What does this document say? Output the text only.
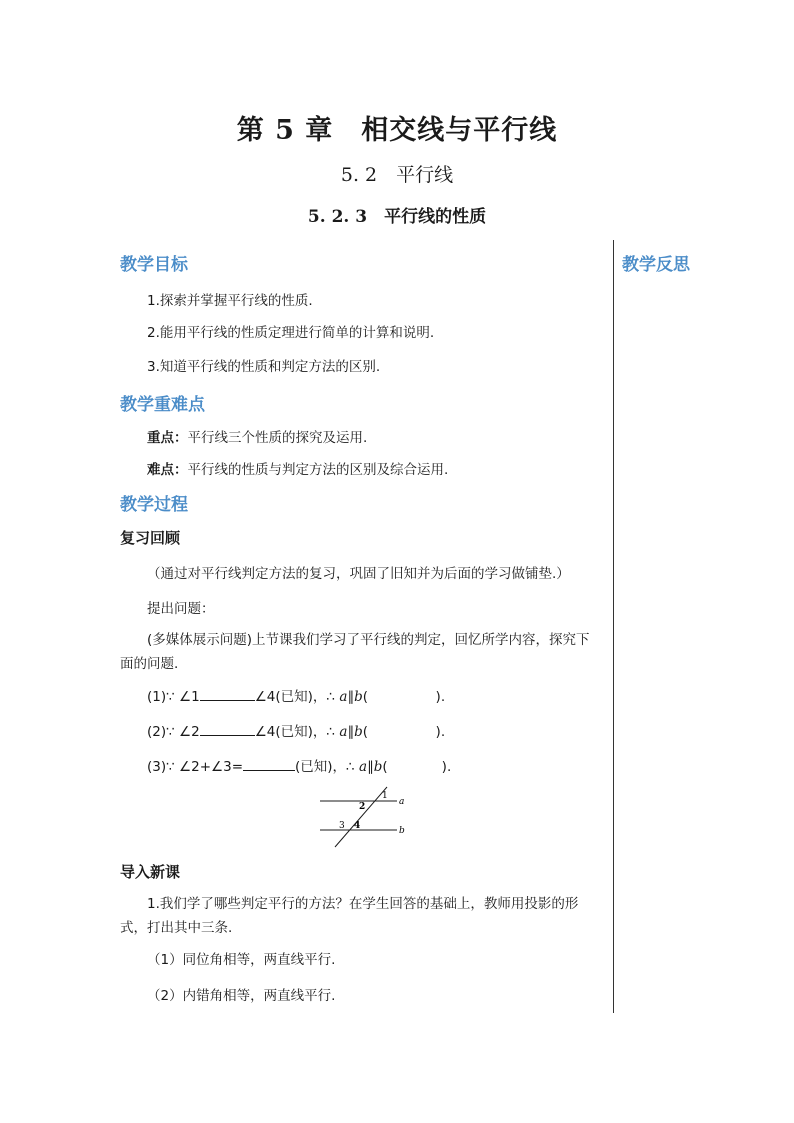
第 5 章　相交线与平行线
5. 2　平行线
5. 2. 3　平行线的性质
教学反思
教学目标
1.探索并掌握平行线的性质.
2.能用平行线的性质定理进行简单的计算和说明.
3.知道平行线的性质和判定方法的区别.
教学重难点
重点：平行线三个性质的探究及运用.
难点：平行线的性质与判定方法的区别及综合运用.
教学过程
复习回顾
（通过对平行线判定方法的复习，巩固了旧知并为后面的学习做铺垫.）
提出问题：
(多媒体展示问题)上节课我们学习了平行线的判定，回忆所学内容，探究下面的问题.
(1)∵ ∠1	∠4(已知)，∴ a∥b(　　　　　).
(2)∵ ∠2	∠4(已知)，∴ a∥b(　　　　　).
(3)∵ ∠2+∠3=	(已知)，∴ a∥b(　　　　).
a
b
1
2
3 4
导入新课
1.我们学了哪些判定平行的方法？在学生回答的基础上，教师用投影的形式，打出其中三条.
（1）同位角相等，两直线平行.
（2）内错角相等，两直线平行.
